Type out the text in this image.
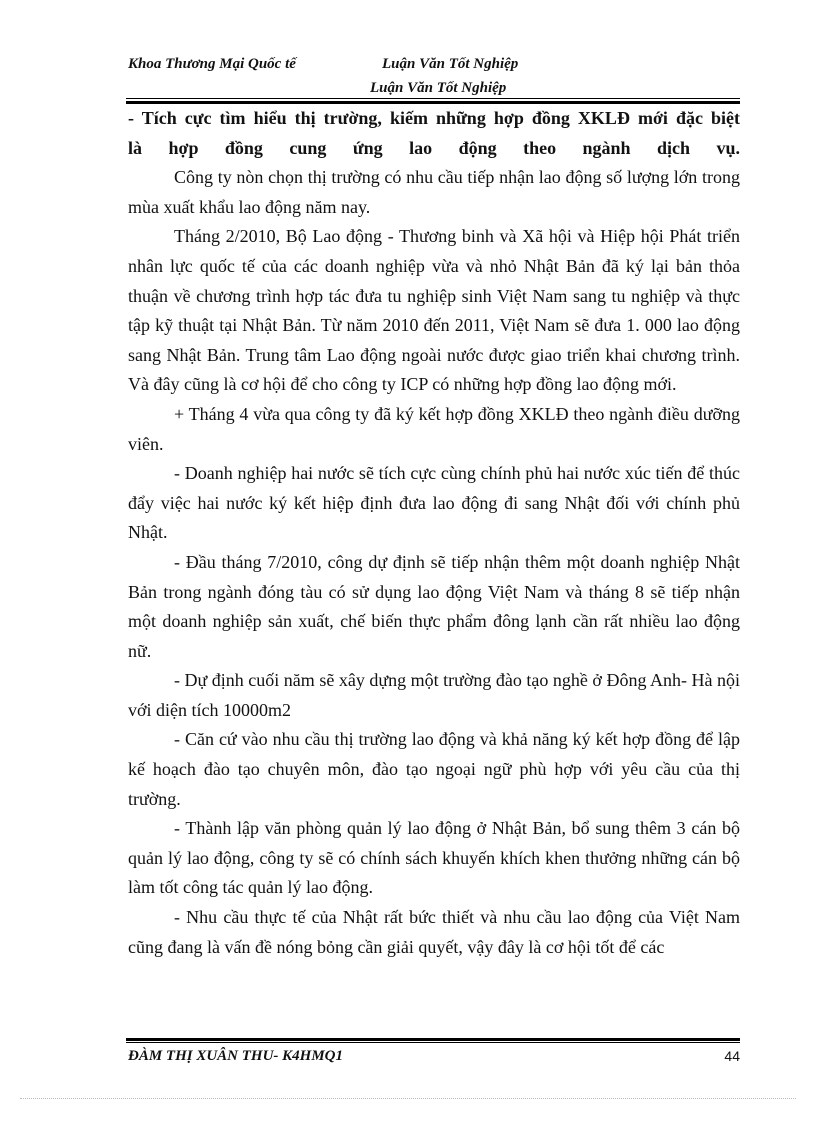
Khoa Thương Mại Quốc tế	Luận Văn Tốt Nghiệp
Luận Văn Tốt Nghiệp

- Tích cực tìm hiểu thị trường, kiếm những hợp đồng XKLĐ mới đặc biệt

là hợp đồng cung ứng lao động theo ngành dịch vụ.

Công ty nòn chọn thị trường có nhu cầu tiếp nhận lao động số lượng lớn trong mùa xuất khẩu lao động năm nay.

Tháng 2/2010, Bộ Lao động - Thương binh và Xã hội và Hiệp hội Phát triển nhân lực quốc tế của các doanh nghiệp vừa và nhỏ Nhật Bản đã ký lại bản thỏa thuận về chương trình hợp tác đưa tu nghiệp sinh Việt Nam sang tu nghiệp và thực tập kỹ thuật tại Nhật Bản. Từ năm 2010 đến 2011, Việt Nam sẽ đưa 1. 000 lao động sang Nhật Bản. Trung tâm Lao động ngoài nước được giao triển khai chương trình. Và đây cũng là cơ hội để cho công ty ICP có những hợp đồng lao động mới.

+ Tháng 4 vừa qua công ty đã ký kết hợp đồng XKLĐ theo ngành điều dưỡng viên.

- Doanh nghiệp hai nước sẽ tích cực cùng chính phủ hai nước xúc tiến để thúc đẩy việc hai nước ký kết hiệp định đưa lao động đi sang Nhật đối với chính phủ Nhật.

- Đầu tháng 7/2010, công dự định sẽ tiếp nhận thêm một doanh nghiệp Nhật Bản trong ngành đóng tàu có sử dụng lao động Việt Nam và tháng 8 sẽ tiếp nhận một doanh nghiệp sản xuất, chế biến thực phẩm đông lạnh cần rất nhiều lao động nữ.

- Dự định cuối năm sẽ xây dựng một trường đào tạo nghề ở Đông Anh- Hà nội với diện tích 10000m2

- Căn cứ vào nhu cầu thị trường lao động và khả năng ký kết hợp đồng để lập kế hoạch đào tạo chuyên môn, đào tạo ngoại ngữ phù hợp với yêu cầu của thị trường.

- Thành lập văn phòng quản lý lao động ở Nhật Bản, bổ sung thêm 3 cán bộ quản lý lao động, công ty sẽ có chính sách khuyến khích khen thưởng những cán bộ làm tốt công tác quản lý lao động.

- Nhu cầu thực tế của Nhật rất bức thiết và nhu cầu lao động của Việt Nam cũng đang là vấn đề nóng bỏng cần giải quyết, vậy đây là cơ hội tốt để các

ĐÀM THỊ XUÂN THU- K4HMQ1	44
